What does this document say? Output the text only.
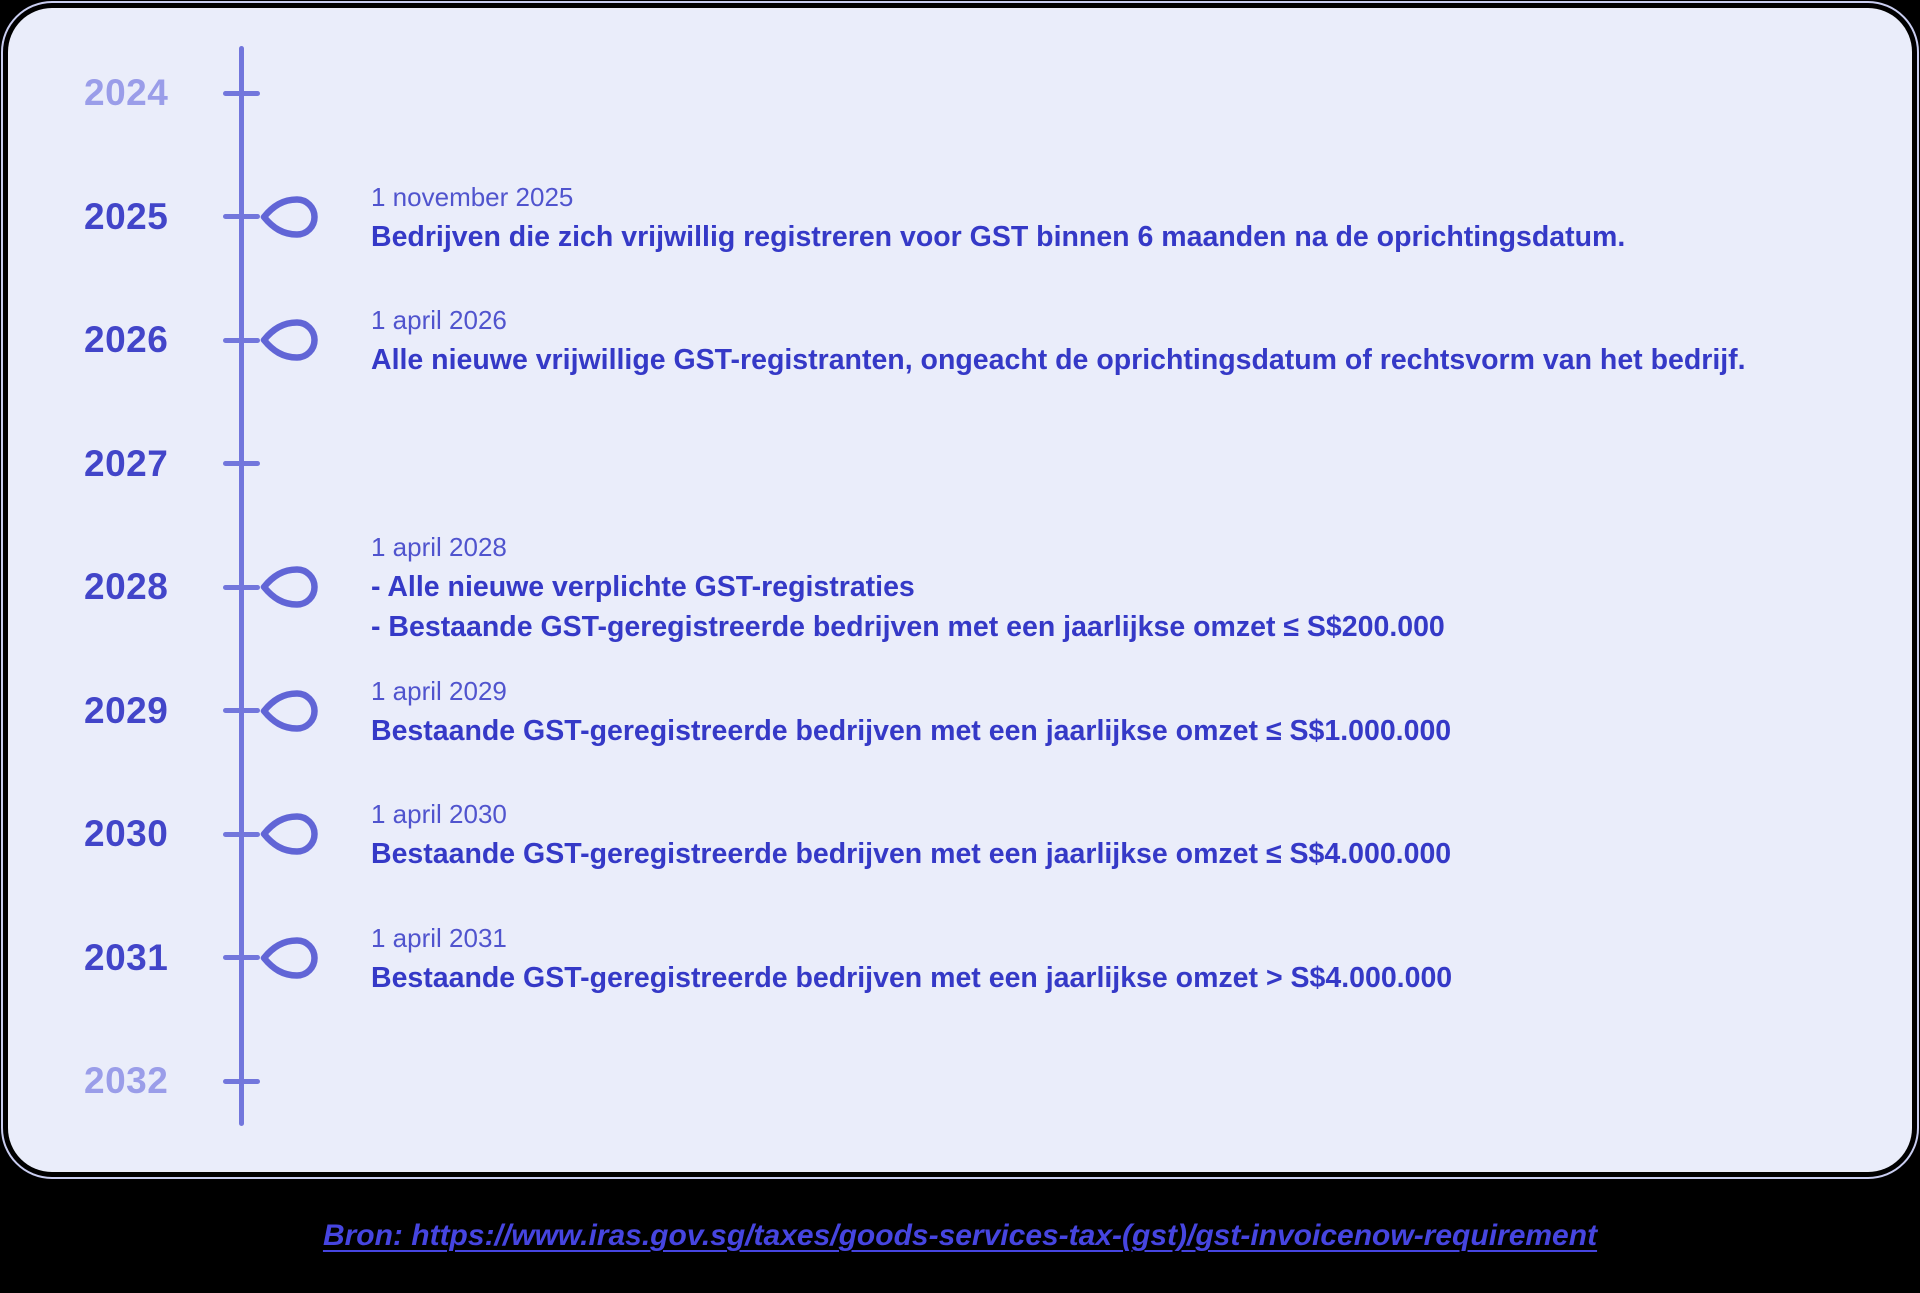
2024
2025	1 november 2025
Bedrijven die zich vrijwillig registreren voor GST binnen 6 maanden na de oprichtingsdatum.
2026	1 april 2026
Alle nieuwe vrijwillige GST-registranten, ongeacht de oprichtingsdatum of rechtsvorm van het bedrijf.
2027
2028
1 april 2028
- Alle nieuwe verplichte GST-registraties
- Bestaande GST-geregistreerde bedrijven met een jaarlijkse omzet ≤ S$200.000
2029	1 april 2029
Bestaande GST-geregistreerde bedrijven met een jaarlijkse omzet ≤ S$1.000.000
2030	1 april 2030
Bestaande GST-geregistreerde bedrijven met een jaarlijkse omzet ≤ S$4.000.000
2031	1 april 2031
Bestaande GST-geregistreerde bedrijven met een jaarlijkse omzet > S$4.000.000
2032
Bron: https://www.iras.gov.sg/taxes/goods-services-tax-(gst)/gst-invoicenow-requirement
